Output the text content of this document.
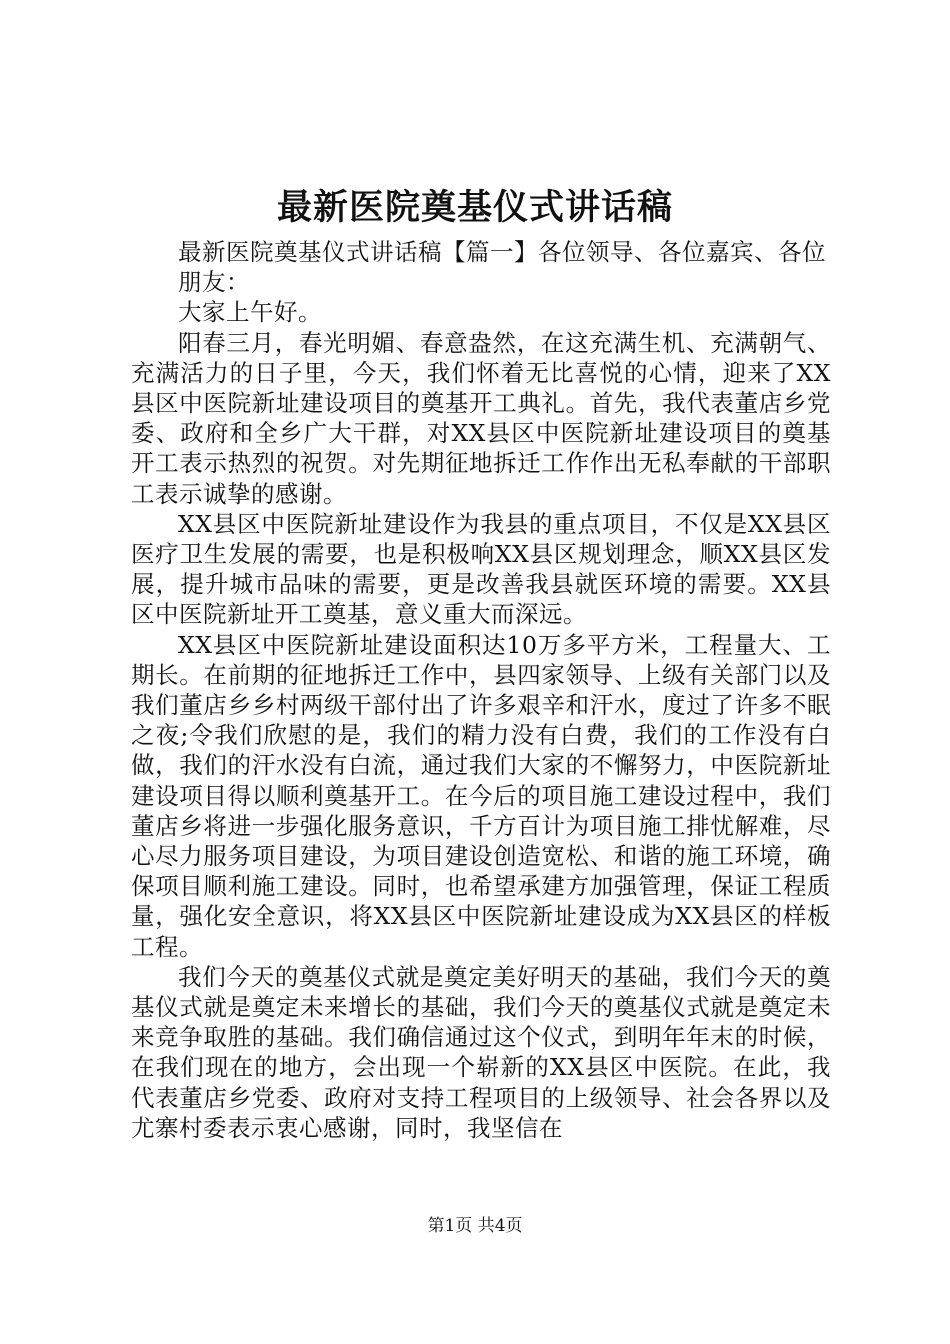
最新医院奠基仪式讲话稿

最新医院奠基仪式讲话稿【篇一】各位领导、各位嘉宾、各位

朋友：

大家上午好。

阳春三月，春光明媚、春意盎然，在这充满生机、充满朝气、充满活力的日子里，今天，我们怀着无比喜悦的心情，迎来了XX县区中医院新址建设项目的奠基开工典礼。首先，我代表董店乡党委、政府和全乡广大干群，对XX县区中医院新址建设项目的奠基开工表示热烈的祝贺。对先期征地拆迁工作作出无私奉献的干部职工表示诚挚的感谢。

XX县区中医院新址建设作为我县的重点项目，不仅是XX县区医疗卫生发展的需要，也是积极响XX县区规划理念，顺XX县区发展，提升城市品味的需要，更是改善我县就医环境的需要。XX县区中医院新址开工奠基，意义重大而深远。

XX县区中医院新址建设面积达10万多平方米，工程量大、工期长。在前期的征地拆迁工作中，县四家领导、上级有关部门以及我们董店乡乡村两级干部付出了许多艰辛和汗水，度过了许多不眠之夜;令我们欣慰的是，我们的精力没有白费，我们的工作没有白做，我们的汗水没有白流，通过我们大家的不懈努力，中医院新址建设项目得以顺利奠基开工。在今后的项目施工建设过程中，我们董店乡将进一步强化服务意识，千方百计为项目施工排忧解难，尽心尽力服务项目建设，为项目建设创造宽松、和谐的施工环境，确保项目顺利施工建设。同时，也希望承建方加强管理，保证工程质量，强化安全意识，将XX县区中医院新址建设成为XX县区的样板工程。

我们今天的奠基仪式就是奠定美好明天的基础，我们今天的奠基仪式就是奠定未来增长的基础，我们今天的奠基仪式就是奠定未来竞争取胜的基础。我们确信通过这个仪式，到明年年末的时候，在我们现在的地方，会出现一个崭新的XX县区中医院。在此，我代表董店乡党委、政府对支持工程项目的上级领导、社会各界以及尤寨村委表示衷心感谢，同时，我坚信在

第1页 共4页
